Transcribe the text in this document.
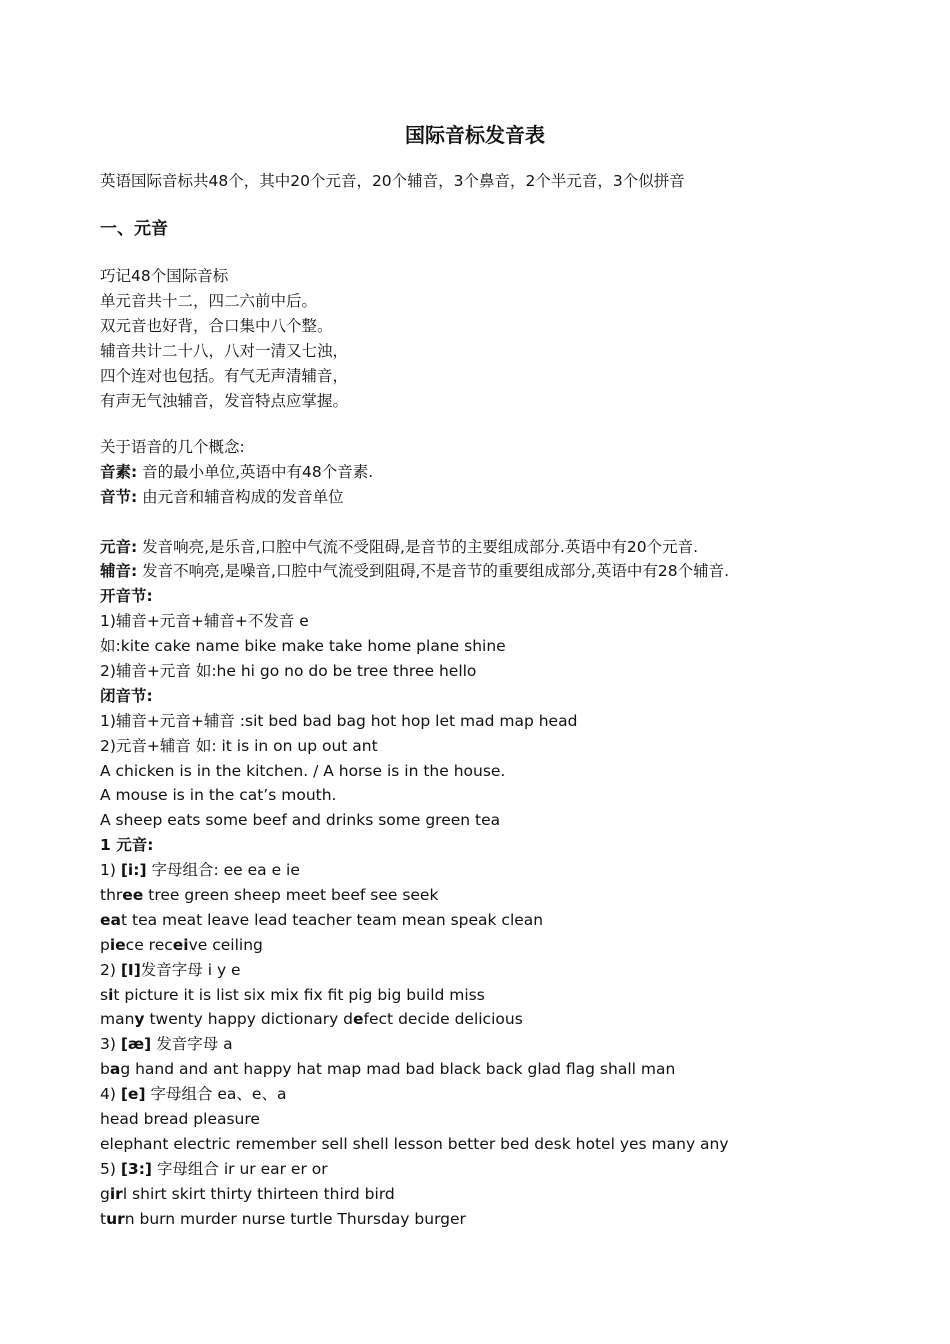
国际音标发音表
英语国际音标共48个，其中20个元音，20个辅音，3个鼻音，2个半元音，3个似拼音
一、元音
巧记48个国际音标
单元音共十二，四二六前中后。
双元音也好背，合口集中八个整。
辅音共计二十八，八对一清又七浊，
四个连对也包括。有气无声清辅音，
有声无气浊辅音，发音特点应掌握。
关于语音的几个概念:
音素: 音的最小单位,英语中有48个音素.
音节: 由元音和辅音构成的发音单位
元音: 发音响亮,是乐音,口腔中气流不受阻碍,是音节的主要组成部分.英语中有20个元音.
辅音: 发音不响亮,是噪音,口腔中气流受到阻碍,不是音节的重要组成部分,英语中有28个辅音.
开音节:
1)辅音+元音+辅音+不发音 e
如:kite cake name bike make take home plane shine
2)辅音+元音 如:he hi go no do be tree three hello
闭音节:
1)辅音+元音+辅音 :sit bed bad bag hot hop let mad map head
2)元音+辅音 如: it is in on up out ant
A chicken is in the kitchen. / A horse is in the house.
A mouse is in the cat’s mouth.
A sheep eats some beef and drinks some green tea
1 元音:
1) [i:] 字母组合: ee ea e ie
three tree green sheep meet beef see seek
eat tea meat leave lead teacher team mean speak clean
piece receive ceiling
2) [I]发音字母 i y e
sit picture it is list six mix fix fit pig big build miss
many twenty happy dictionary defect decide delicious
3) [æ] 发音字母 a
bag hand and ant happy hat map mad bad black back glad flag shall man
4) [e] 字母组合 ea、e、a
head bread pleasure
elephant electric remember sell shell lesson better bed desk hotel yes many any
5) [3:] 字母组合 ir ur ear er or
girl shirt skirt thirty thirteen third bird
turn burn murder nurse turtle Thursday burger
